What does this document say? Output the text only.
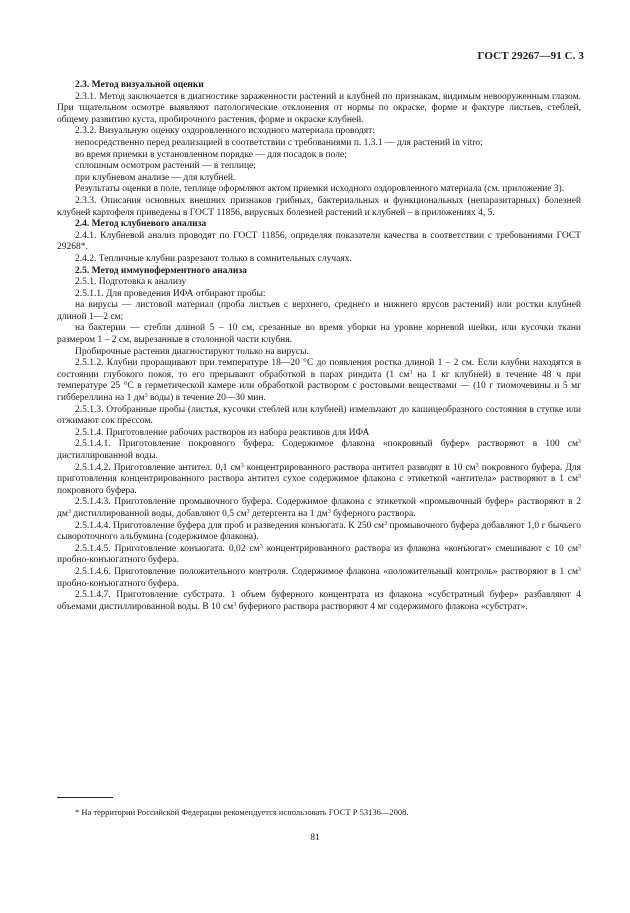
ГОСТ 29267—91 С. 3

2.3. Метод визуальной оценки

2.3.1. Метод заключается в диагностике зараженности растений и клубней по признакам, видимым невооруженным глазом. При тщательном осмотре выявляют патологические отклонения от нормы по окраске, форме и фактуре листьев, стеблей, общему развитию куста, пробирочного растения, форме и окраске клубней.

2.3.2. Визуальную оценку оздоровленного исходного материала проводят:

непосредственно перед реализацией в соответствии с требованиями п. 1.3.1 — для растений in vitro;

во время приемки в установленном порядке — для посадок в поле;

сплошным осмотром растений — в теплице;

при клубневом анализе — для клубней.

Результаты оценки в поле, теплице оформляют актом приемки исходного оздоровленного материала (см. приложение 3).

2.3.3. Описания основных внешних признаков грибных, бактериальных и функциональных (непаразитарных) болезней клубней картофеля приведены в ГОСТ 11856, вирусных болезней растений и клубней – в приложениях 4, 5.

2.4. Метод клубневого анализа

2.4.1. Клубневой анализ проводят по ГОСТ 11856, определяя показатели качества в соответствии с требованиями ГОСТ 29268*.

2.4.2. Тепличные клубни разрезают только в сомнительных случаях.

2.5. Метод иммуноферментного анализа

2.5.1. Подготовка к анализу

2.5.1.1. Для проведения ИФА отбирают пробы:

на вирусы — листовой материал (проба листьев с верхнего, среднего и нижнего ярусов растений) или ростки клубней длиной 1—2 см;

на бактерии — стебли длиной 5 – 10 см, срезанные во время уборки на уровне корневой шейки, или кусочки ткани размером 1 – 2 см, вырезанные в столонной части клубня.

Пробирочные растения диагностируют только на вирусы.

2.5.1.2. Клубни проращивают при температуре 18—20 °С до появления ростка длиной 1 – 2 см. Если клубни находятся в состоянии глубокого покоя, то его прерывают обработкой в парах риндита (1 $см^3$ на 1 кг клубней) в течение 48 ч при температуре 25 °С в герметической камере или обработкой раствором с ростовыми веществами — (10 г тиомочевины и 5 мг гиббереллина на 1 $дм^3$ воды) в течение 20—30 мин.

2.5.1.3. Отобранные пробы (листья, кусочки стеблей или клубней) измельчают до кашицеобразного состояния в ступке или отжимают сок прессом.

2.5.1.4. Приготовление рабочих растворов из набора реактивов для ИФА

2.5.1.4.1. Приготовление покровного буфера. Содержимое флакона «покровный буфер» растворяют в 100 $см^3$ дистиллированной воды.

2.5.1.4.2. Приготовление антител. 0,1 $см^3$ концентрированного раствора антител разводят в 10 $см^3$ покровного буфера. Для приготовления концентрированного раствора антител сухое содержимое флакона с этикеткой «антитела» растворяют в 1 $см^3$ покровного буфера.

2.5.1.4.3. Приготовление промывочного буфера. Содержимое флакона с этикеткой «промывочный буфер» растворяют в 2 $дм^3$ дистиллированной воды, добавляют 0,5 $см^3$ детергента на 1 $дм^3$ буферного раствора.

2.5.1.4.4. Приготовление буфера для проб и разведения конъюгата. К 250 $см^3$ промывочного буфера добавляют 1,0 г бычьего сывороточного альбумина (содержимое флакона).

2.5.1.4.5. Приготовление конъюгата. 0,02 $см^3$ концентрированного раствора из флакона «конъюгат» смешивают с 10 $см^3$ пробно-конъюгатного буфера.

2.5.1.4.6. Приготовление положительного контроля. Содержимое флакона «положительный контроль» растворяют в 1 $см^3$ пробно-конъюгатного буфера.

2.5.1.4.7. Приготовление субстрата. 1 объем буферного концентрата из флакона «субстратный буфер» разбавляют 4 объемами дистиллированной воды. В 10 $см^3$ буферного раствора растворяют 4 мг содержимого флакона «субстрат».

* На территории Российской Федерации рекомендуется использовать ГОСТ Р 53136—2008.
81
